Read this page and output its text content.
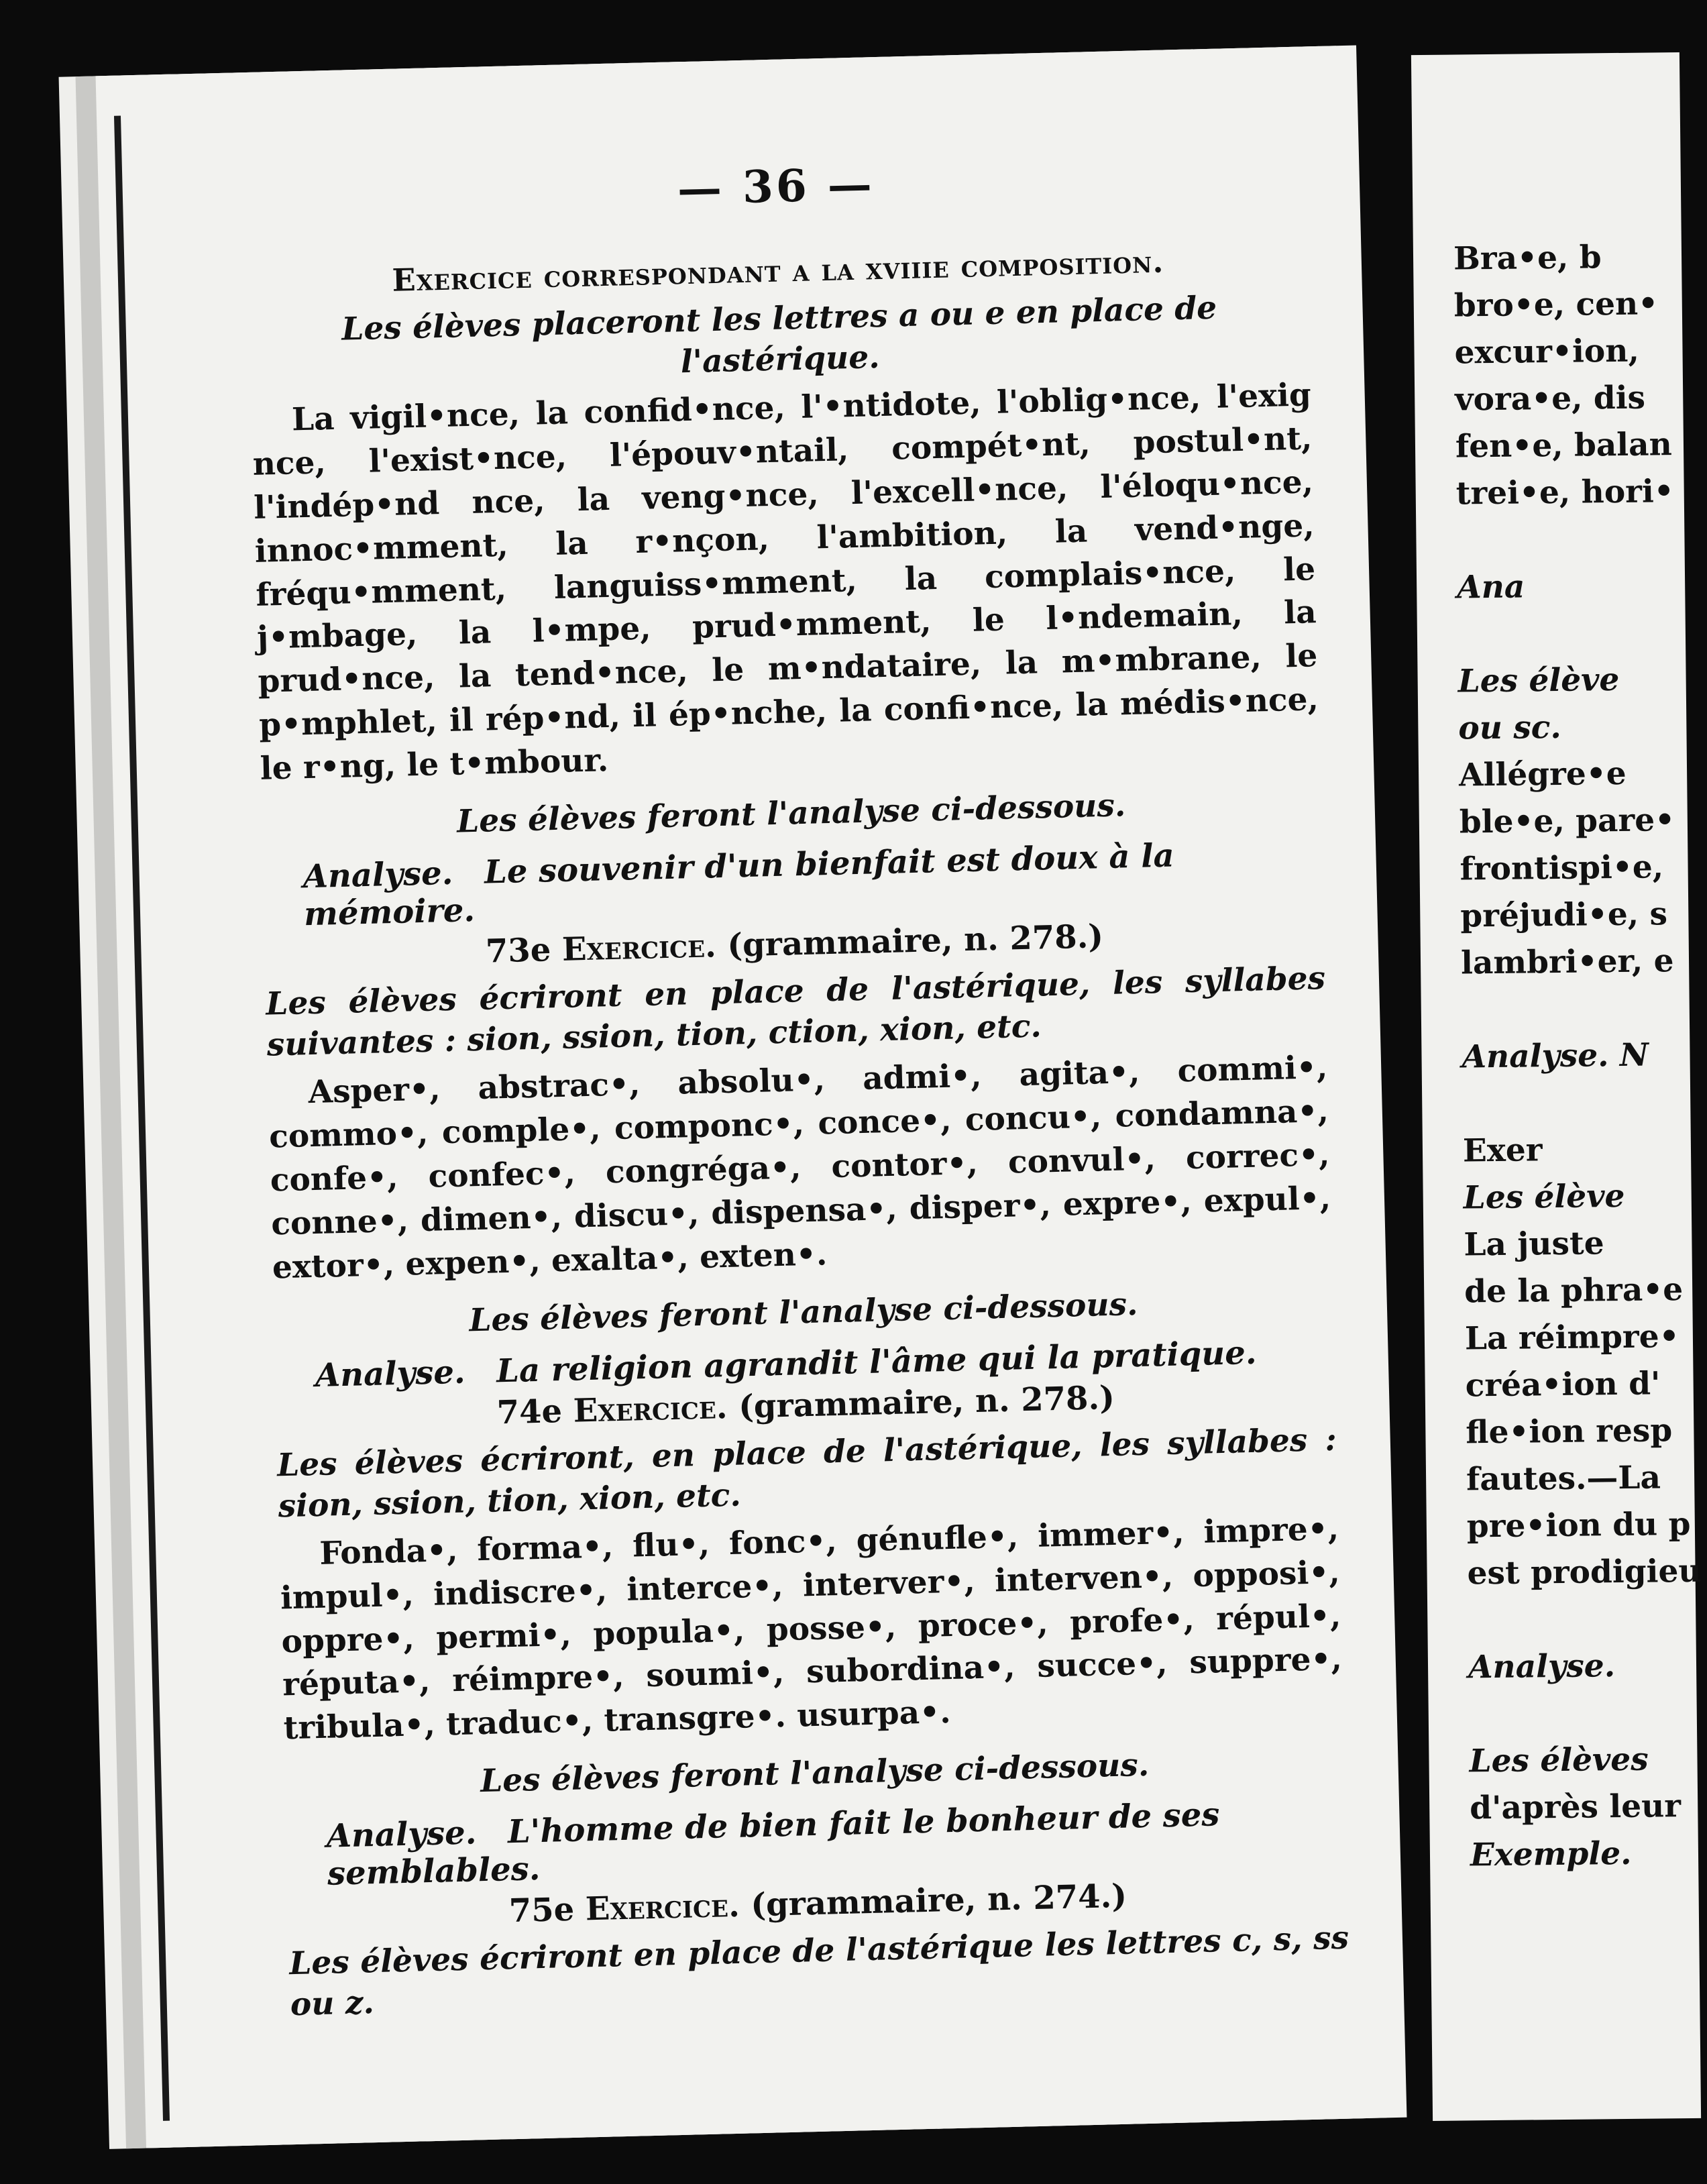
— 36 —
Exercice correspondant a la xviiie composition.
Les élèves placeront les lettres a ou e en place de l'astérique.
La vigil•nce, la confid•nce, l'•ntidote, l'oblig•nce, l'exig nce, l'exist•nce, l'épouv•ntail, compét•nt, postul•nt, l'indép•nd nce, la veng•nce, l'excell•nce, l'éloqu•nce, innoc•mment, la r•nçon, l'ambition, la vend•nge, fréqu•mment, languiss•mment, la complais•nce, le j•mbage, la l•mpe, prud•mment, le l•ndemain, la prud•nce, la tend•nce, le m•ndataire, la m•mbrane, le p•mphlet, il rép•nd, il ép•nche, la confi•nce, la médis•nce, le r•ng, le t•mbour.
Les élèves feront l'analyse ci-dessous.
Analyse. Le souvenir d'un bienfait est doux à la mémoire.
73e Exercice. (grammaire, n. 278.)
Les élèves écriront en place de l'astérique, les syllabes suivantes : sion, ssion, tion, ction, xion, etc.
Asper•, abstrac•, absolu•, admi•, agita•, commi•, commo•, comple•, componc•, conce•, concu•, condamna•, confe•, confec•, congréga•, contor•, convul•, correc•, conne•, dimen•, discu•, dispensa•, disper•, expre•, expul•, extor•, expen•, exalta•, exten•.
Les élèves feront l'analyse ci-dessous.
Analyse. La religion agrandit l'âme qui la pratique.
74e Exercice. (grammaire, n. 278.)
Les élèves écriront, en place de l'astérique, les syllabes : sion, ssion, tion, xion, etc.
Fonda•, forma•, flu•, fonc•, génufle•, immer•, impre•, impul•, indiscre•, interce•, interver•, interven•, opposi•, oppre•, permi•, popula•, posse•, proce•, profe•, répul•, réputa•, réimpre•, soumi•, subordina•, succe•, suppre•, tribula•, traduc•, transgre•. usurpa•.
Les élèves feront l'analyse ci-dessous.
Analyse. L'homme de bien fait le bonheur de ses semblables.
75e Exercice. (grammaire, n. 274.)
Les élèves écriront en place de l'astérique les lettres c, s, ss ou z.
Bra•e, b
bro•e, cen•
excur•ion,
vora•e, dis
fen•e, balan
trei•e, hori•
Ana
Les élève
ou sc.
Allégre•e
ble•e, pare•
frontispi•e,
préjudi•e, s
lambri•er, e
Analyse. N
Exer
Les élève
La juste
de la phra•e
La réimpre•
créa•ion d'
fle•ion resp
fautes.—La
pre•ion du p
est prodigieu
Analyse.
Les élèves
d'après leur
Exemple.
